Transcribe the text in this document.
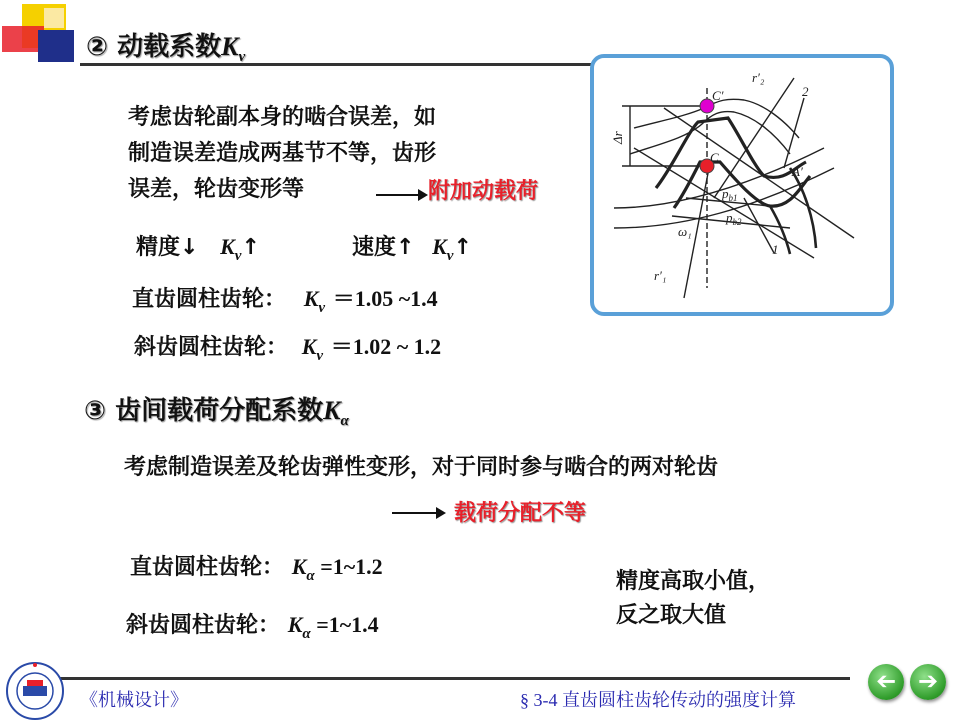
② 动载系数$K_v$
考虑齿轮副本身的啮合误差，如
制造误差造成两基节不等，齿形
误差，轮齿变形等	附加动载荷
精度↓ $K_v↑$	速度↑ $K_v↑$
直齿圆柱齿轮： $K_v =1.05$ ~1.4
斜齿圆柱齿轮： $K_v =1.02$ ~ 1.2
r′₂
2
C′
C
A′
$p_{b1}$
$p_{b2}$
ω₁
1
r′₁
Δr
③ 齿间载荷分配系数$K_\alpha$
考虑制造误差及轮齿弹性变形，对于同时参与啮合的两对轮齿
载荷分配不等
直齿圆柱齿轮： $K_\alpha$ =1~1.2
斜齿圆柱齿轮： $K_\alpha$ =1~1.4
精度高取小值，
反之取大值
《机械设计》	§ 3-4 直齿圆柱齿轮传动的强度计算
➔ ➔
